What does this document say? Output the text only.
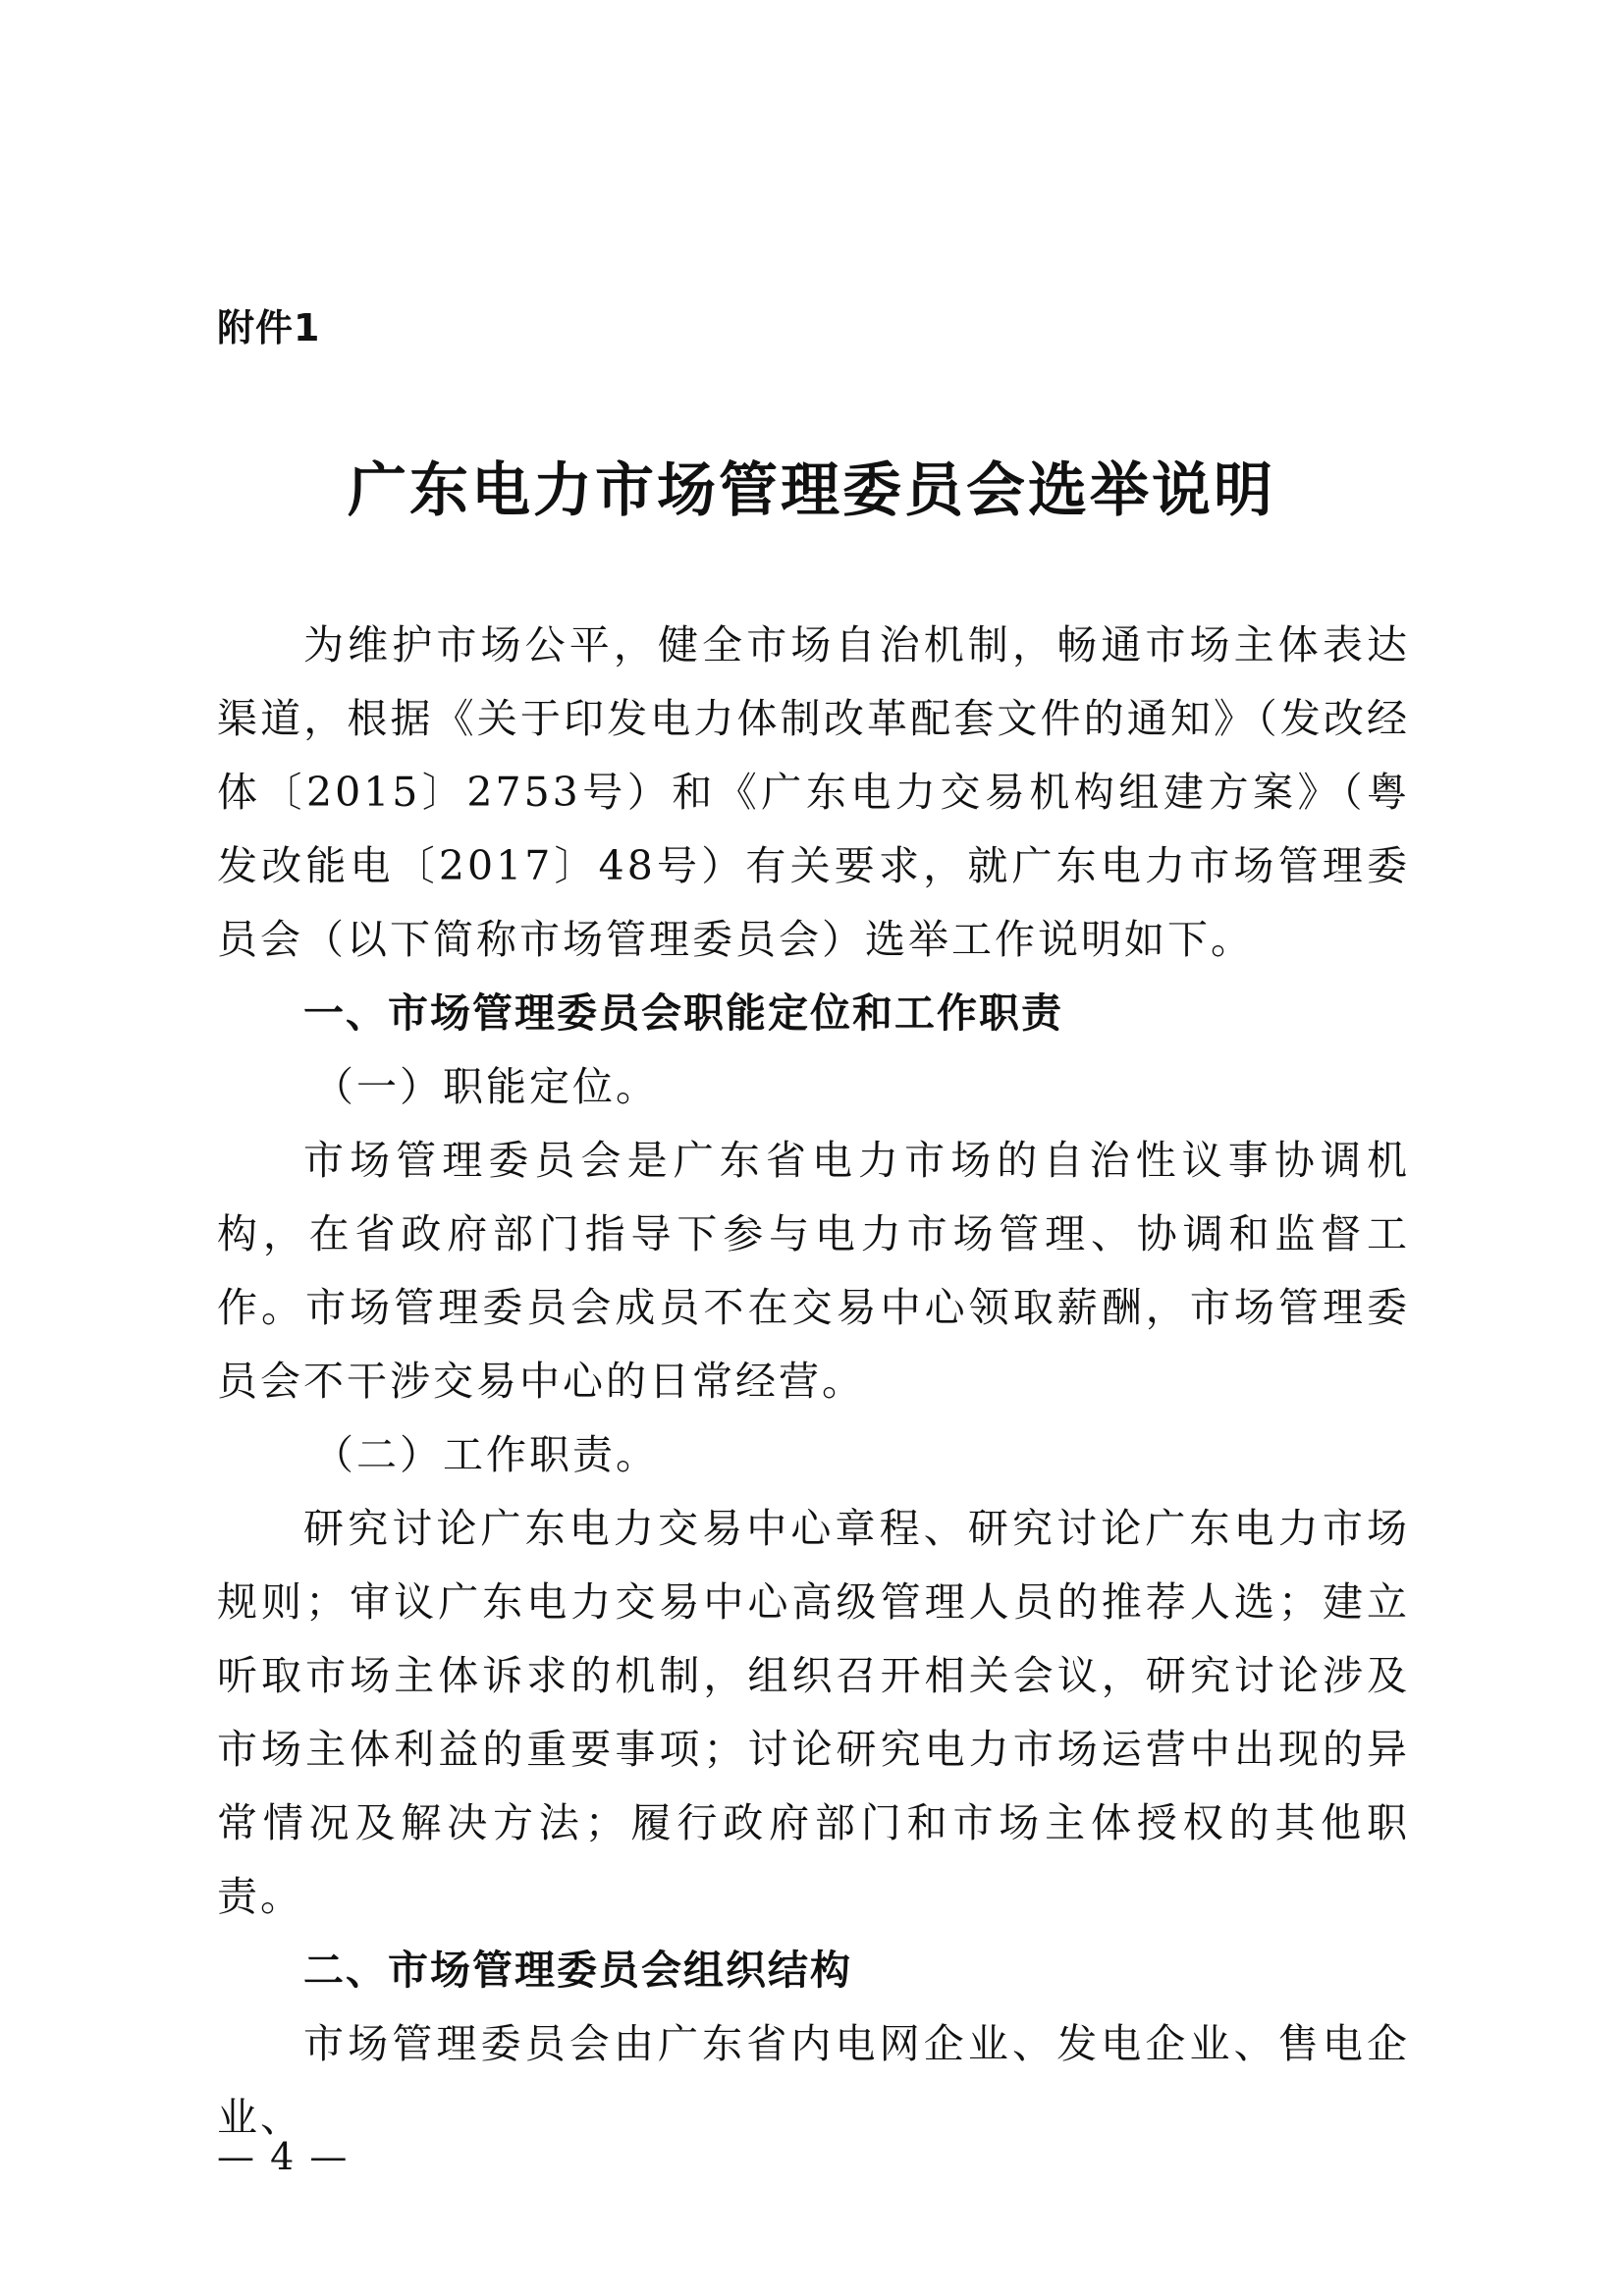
附件1
广东电力市场管理委员会选举说明

为维护市场公平，健全市场自治机制，畅通市场主体表达渠道，根据《关于印发电力体制改革配套文件的通知》（发改经体〔2015〕2753号）和《广东电力交易机构组建方案》（粤发改能电〔2017〕48号）有关要求，就广东电力市场管理委员会（以下简称市场管理委员会）选举工作说明如下。

一、市场管理委员会职能定位和工作职责

（一）职能定位。

市场管理委员会是广东省电力市场的自治性议事协调机构，在省政府部门指导下参与电力市场管理、协调和监督工作。市场管理委员会成员不在交易中心领取薪酬，市场管理委员会不干涉交易中心的日常经营。

（二）工作职责。

研究讨论广东电力交易中心章程、研究讨论广东电力市场规则；审议广东电力交易中心高级管理人员的推荐人选；建立听取市场主体诉求的机制，组织召开相关会议，研究讨论涉及市场主体利益的重要事项；讨论研究电力市场运营中出现的异常情况及解决方法；履行政府部门和市场主体授权的其他职责。

二、市场管理委员会组织结构

市场管理委员会由广东省内电网企业、发电企业、售电企业、

— 4 —
